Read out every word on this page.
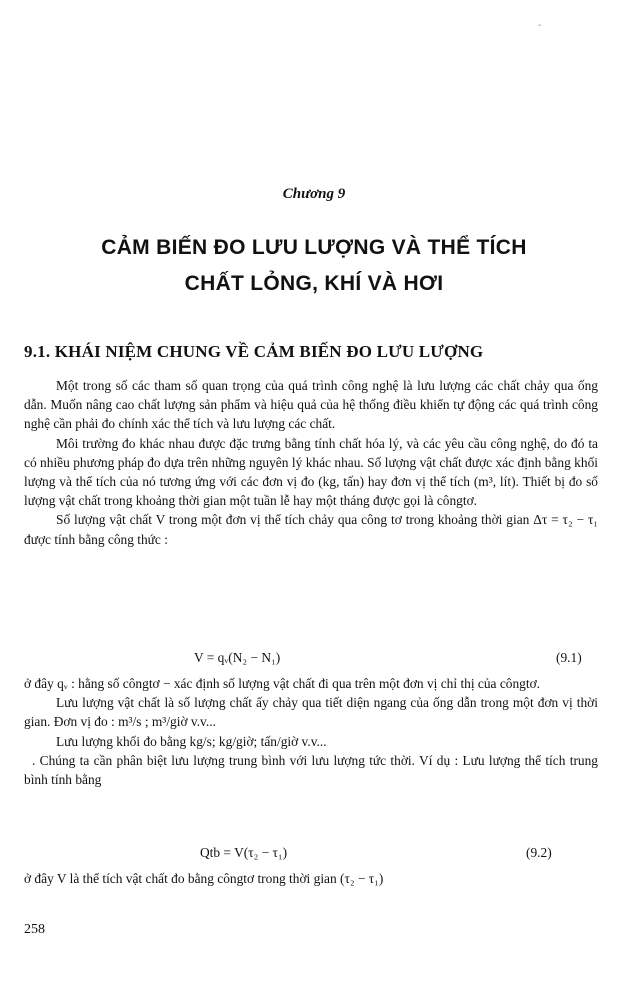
-
Chương 9
CẢM BIẾN ĐO LƯU LƯỢNG VÀ THỂ TÍCH
CHẤT LỎNG, KHÍ VÀ HƠI
9.1. KHÁI NIỆM CHUNG VỀ CẢM BIẾN ĐO LƯU LƯỢNG

Một trong số các tham số quan trọng của quá trình công nghệ là lưu lượng các chất chảy qua ống dẫn. Muốn nâng cao chất lượng sản phẩm và hiệu quả của hệ thống điều khiển tự động các quá trình công nghệ cần phải đo chính xác thể tích và lưu lượng các chất.

Môi trường đo khác nhau được đặc trưng bằng tính chất hóa lý, và các yêu cầu công nghệ, do đó ta có nhiều phương pháp đo dựa trên những nguyên lý khác nhau. Số lượng vật chất được xác định bằng khối lượng và thể tích của nó tương ứng với các đơn vị đo (kg, tấn) hay đơn vị thể tích (m³, lít). Thiết bị đo số lượng vật chất trong khoảng thời gian một tuần lễ hay một tháng được gọi là côngtơ.

Số lượng vật chất V trong một đơn vị thể tích chảy qua công tơ trong khoảng thời gian Δτ = τ₂ − τ₁ được tính bằng công thức :

V = qᵥ(N₂ − N₁)	(9.1)

ở đây qᵥ : hằng số côngtơ − xác định số lượng vật chất đi qua trên một đơn vị chỉ thị của côngtơ.

Lưu lượng vật chất là số lượng chất ấy chảy qua tiết diện ngang của ống dẫn trong một đơn vị thời gian. Đơn vị đo : m³/s ; m³/giờ v.v...

Lưu lượng khối đo bằng kg/s; kg/giờ; tấn/giờ v.v...

. Chúng ta cần phân biệt lưu lượng trung bình với lưu lượng tức thời. Ví dụ : Lưu lượng thể tích trung bình tính bằng

Qtb = V(τ₂ − τ₁)	(9.2)

ở đây V là thể tích vật chất đo bằng côngtơ trong thời gian (τ₂ − τ₁)

258
